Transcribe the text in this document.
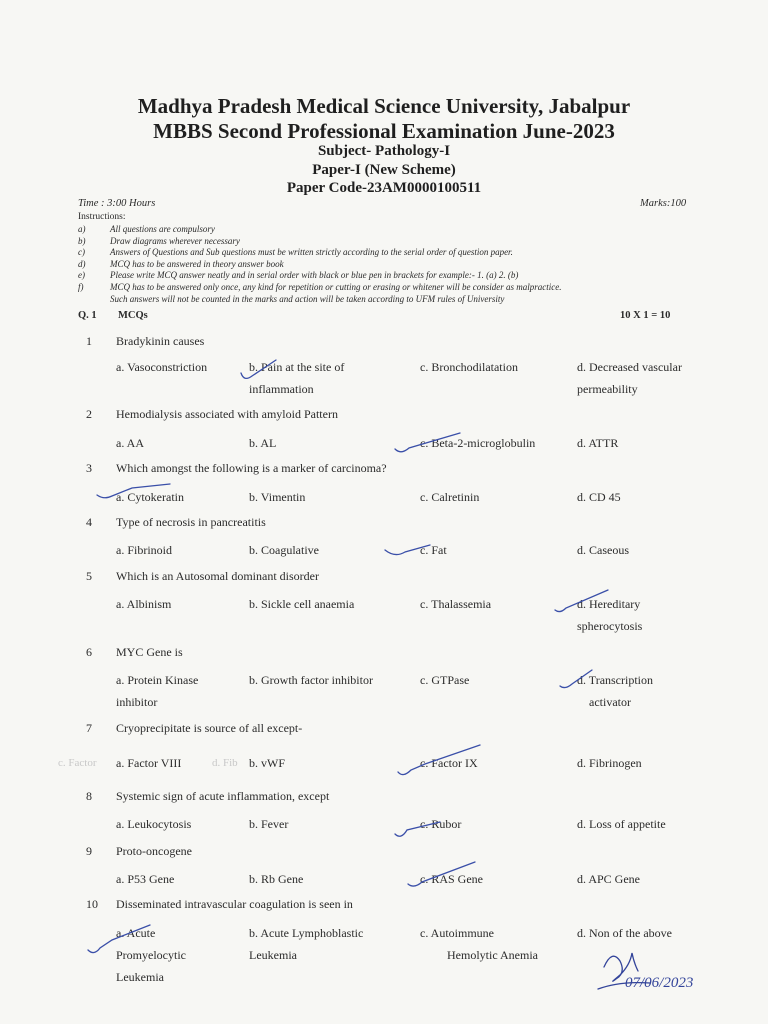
Madhya Pradesh Medical Science University, Jabalpur
MBBS Second Professional Examination June-2023
Subject- Pathology-I
Paper-I (New Scheme)
Paper Code-23AM0000100511
Time : 3:00 Hours	Marks:100
Instructions:
a)	All questions are compulsory
b)	Draw diagrams wherever necessary
c)	Answers of Questions and Sub questions must be written strictly according to the serial order of question paper.
d)	MCQ has to be answered in theory answer book
e)	Please write MCQ answer neatly and in serial order with black or blue pen in brackets for example:- 1. (a) 2. (b)
f)	MCQ has to be answered only once, any kind for repetition or cutting or erasing or whitener will be consider as malpractice.
Such answers will not be counted in the marks and action will be taken according to UFM rules of University
Q. 1 MCQs	10 X 1 = 10
1 Bradykinin causes
a. Vasoconstriction	b. Pain at the site of
inflammation
c. Bronchodilatation	d. Decreased vascular
permeability
2 Hemodialysis associated with amyloid Pattern
a. AA	b. AL	c. Beta-2-microglobulin	d. ATTR
3 Which amongst the following is a marker of carcinoma?
a. Cytokeratin	b. Vimentin	c. Calretinin	d. CD 45
4 Type of necrosis in pancreatitis
a. Fibrinoid	b. Coagulative	c. Fat	d. Caseous
5 Which is an Autosomal dominant disorder
a. Albinism	b. Sickle cell anaemia	c. Thalassemia	d. Hereditary
spherocytosis
6 MYC Gene is
a. Protein Kinase
inhibitor
b. Growth factor inhibitor	c. GTPase	d. Transcription
activator
7 Cryoprecipitate is source of all except-
c. Factor	d. Fib
a. Factor VIII	b. vWF	c. Factor IX	d. Fibrinogen
8 Systemic sign of acute inflammation, except
a. Leukocytosis	b. Fever	c. Rubor	d. Loss of appetite
9 Proto-oncogene
a. P53 Gene	b. Rb Gene	c. RAS Gene	d. APC Gene
10 Disseminated intravascular coagulation is seen in
a. Acute
Promyelocytic
Leukemia
b. Acute Lymphoblastic
Leukemia
c. Autoimmune
Hemolytic Anemia
d. Non of the above
07/06/2023
